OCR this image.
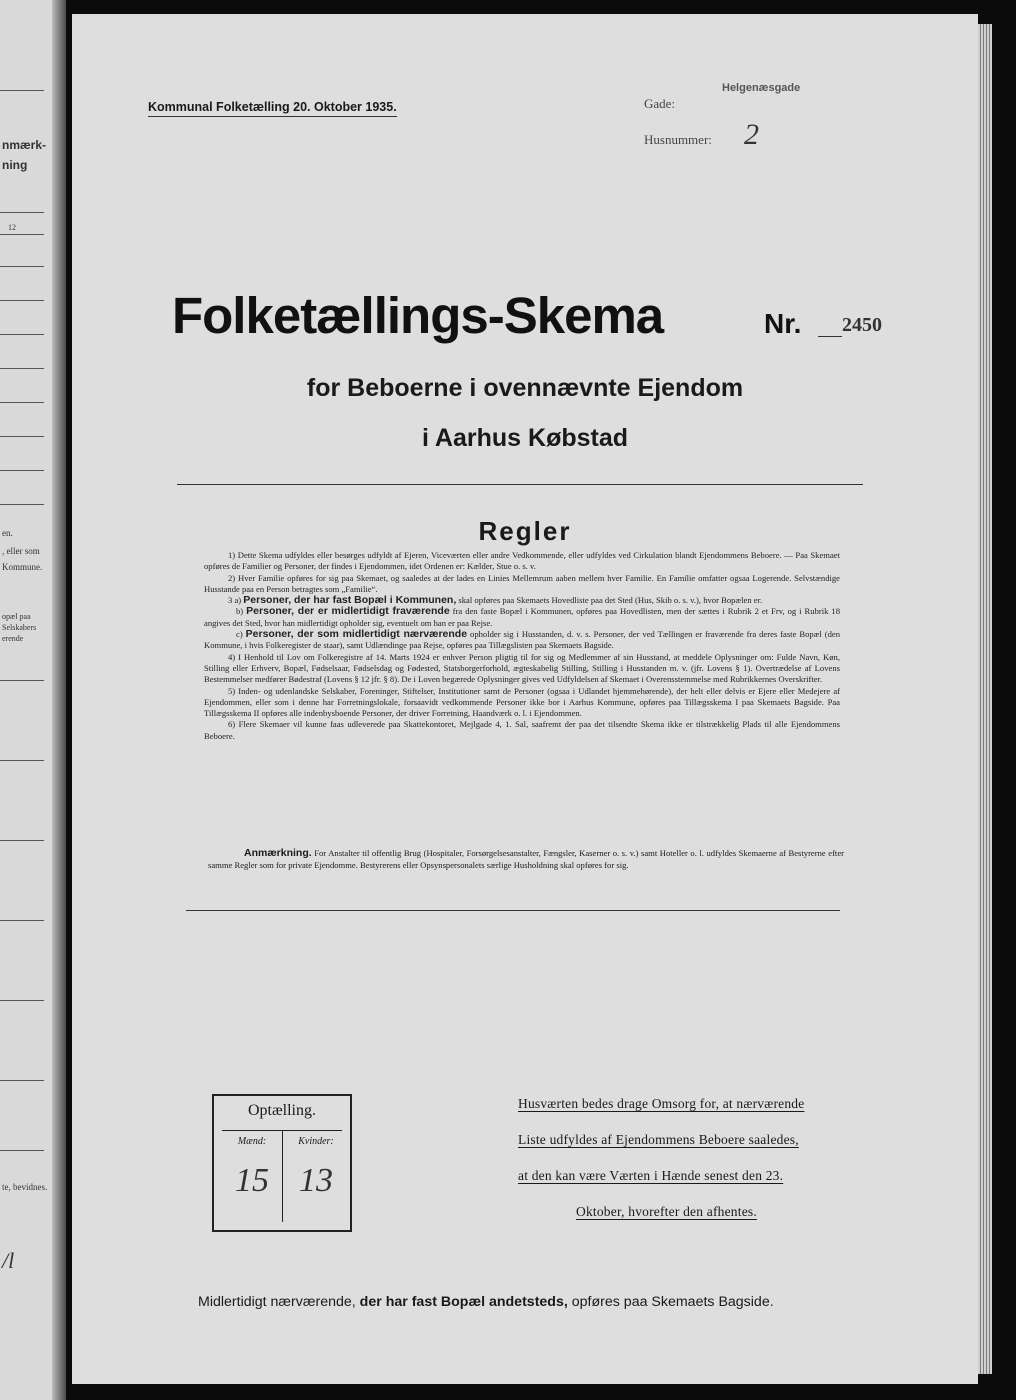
nmærk-
ning
12
en.
, eller som
Kommune.
opæl paa
Selskabers
erende
te, bevidnes.
/l
Kommunal Folketælling 20. Oktober 1935.	Gade:
Helgenæsgade
Husnummer: 2
Folketællings-Skema	Nr. 2450
for Beboerne i ovennævnte Ejendom
i Aarhus Købstad
Regler

1) Dette Skema udfyldes eller besørges udfyldt af Ejeren, Viceværten eller andre Vedkommende, eller udfyldes ved Cirkulation blandt Ejendommens Beboere. — Paa Skemaet opføres de Familier og Personer, der findes i Ejendommen, idet Ordenen er: Kælder, Stue o. s. v.

2) Hver Familie opføres for sig paa Skemaet, og saaledes at der lades en Linies Mellemrum aaben mellem hver Familie. En Familie omfatter ogsaa Logerende. Selvstændige Husstande paa en Person betragtes som „Familie“.

3 a) Personer, der har fast Bopæl i Kommunen, skal opføres paa Skemaets Hovedliste paa det Sted (Hus, Skib o. s. v.), hvor Bopælen er.

b) Personer, der er midlertidigt fraværende fra den faste Bopæl i Kommunen, opføres paa Hovedlisten, men der sættes i Rubrik 2 et Frv, og i Rubrik 18 angives det Sted, hvor han midlertidigt opholder sig, eventuelt om han er paa Rejse.

c) Personer, der som midlertidigt nærværende opholder sig i Husstanden, d. v. s. Personer, der ved Tællingen er fraværende fra deres faste Bopæl (den Kommune, i hvis Folkeregister de staar), samt Udlændinge paa Rejse, opføres paa Tillægslisten paa Skemaets Bagside.

4) I Henhold til Lov om Folkeregistre af 14. Marts 1924 er enhver Person pligtig til for sig og Medlemmer af sin Husstand, at meddele Oplysninger om: Fulde Navn, Køn, Stilling eller Erhverv, Bopæl, Fødselsaar, Fødselsdag og Fødested, Statsborgerforhold, ægteskabelig Stilling, Stilling i Husstanden m. v. (jfr. Lovens § 1). Overtrædelse af Lovens Bestemmelser medfører Bødestraf (Lovens § 12 jfr. § 8). De i Loven begærede Oplysninger gives ved Udfyldelsen af Skemaet i Overensstemmelse med Rubrikkernes Overskrifter.

5) Inden- og udenlandske Selskaber, Foreninger, Stiftelser, Institutioner samt de Personer (ogsaa i Udlandet hjemmehørende), der helt eller delvis er Ejere eller Medejere af Ejendommen, eller som i denne har Forretningslokale, forsaavidt vedkommende Personer ikke bor i Aarhus Kommune, opføres paa Tillægsskema I paa Skemaets Bagside. Paa Tillægsskema II opføres alle indenbysboende Personer, der driver Forretning, Haandværk o. l. i Ejendommen.

6) Flere Skemaer vil kunne faas udleverede paa Skattekontoret, Mejlgade 4, 1. Sal, saafremt der paa det tilsendte Skema ikke er tilstrækkelig Plads til alle Ejendommens Beboere.

Anmærkning. For Anstalter til offentlig Brug (Hospitaler, Forsørgelsesanstalter, Fængsler, Kaserner o. s. v.) samt Hoteller o. l. udfyldes Skemaerne af Bestyrerne efter samme Regler som for private Ejendomme. Bestyrerens eller Opsynspersonalets særlige Husholdning skal opføres for sig.
Optælling.
Mænd:	Kvinder:
15 13
Husværten bedes drage Omsorg for, at nærværende
Liste udfyldes af Ejendommens Beboere saaledes,
at den kan være Værten i Hænde senest den 23.
Oktober, hvorefter den afhentes.
Midlertidigt nærværende, der har fast Bopæl andetsteds, opføres paa Skemaets Bagside.
